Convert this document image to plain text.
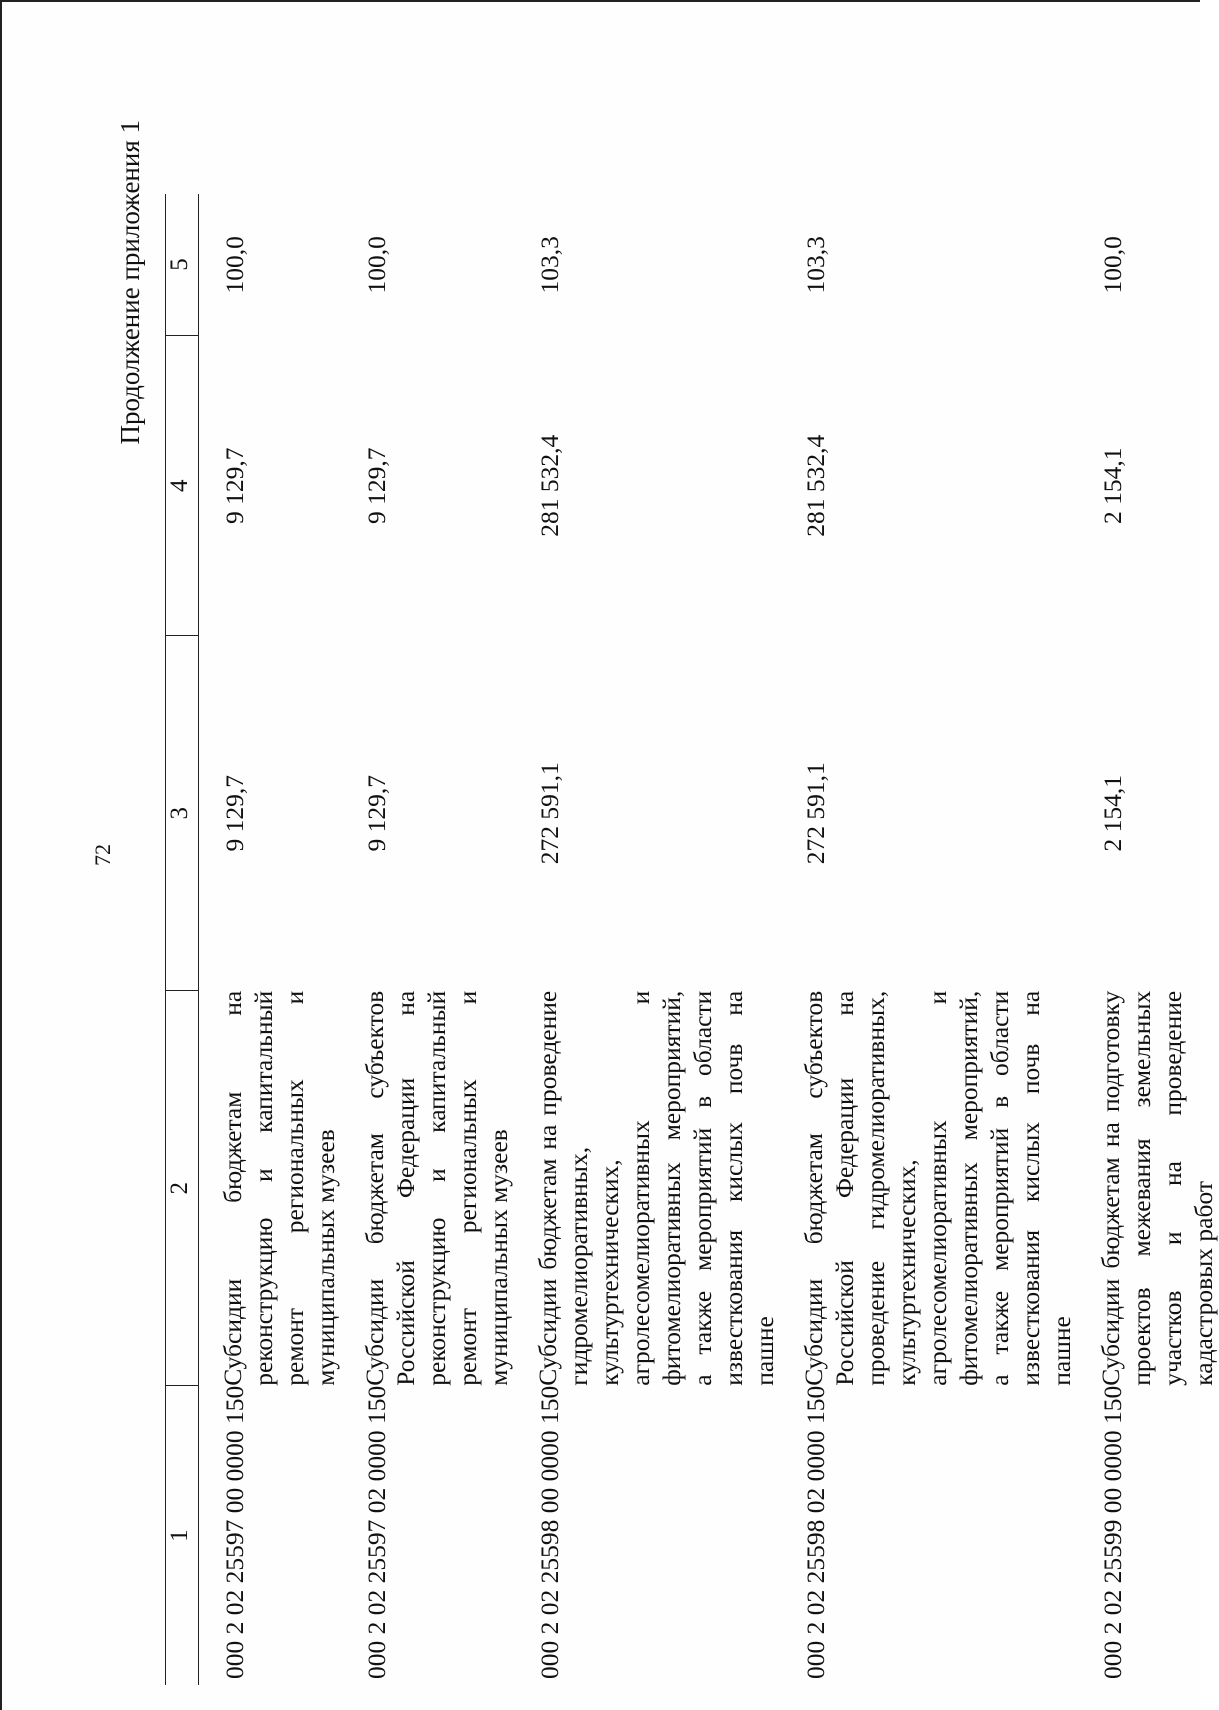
72
Продолжение приложения 1
1	2	3	4	5
000 2 02 25597 00 0000 150	Субсидии бюджетам на реконструкцию и капитальный ремонт региональных и муниципальных музеев	9 129,7	9 129,7	100,0
000 2 02 25597 02 0000 150	Субсидии бюджетам субъектов Российской Федерации на реконструкцию и капитальный ремонт региональных и муниципальных музеев	9 129,7	9 129,7	100,0
000 2 02 25598 00 0000 150	Субсидии бюджетам на проведение гидромелиоративных, культуртехнических, агролесомелиоративных и фитомелиоративных мероприятий, а также мероприятий в области известкования кислых почв на пашне	272 591,1	281 532,4	103,3
000 2 02 25598 02 0000 150	Субсидии бюджетам субъектов Российской Федерации на проведение гидромелиоративных, культуртехнических, агролесомелиоративных и фитомелиоративных мероприятий, а также мероприятий в области известкования кислых почв на пашне	272 591,1	281 532,4	103,3
000 2 02 25599 00 0000 150	Субсидии бюджетам на подготовку проектов межевания земельных участков и на проведение кадастровых работ	2 154,1	2 154,1	100,0
